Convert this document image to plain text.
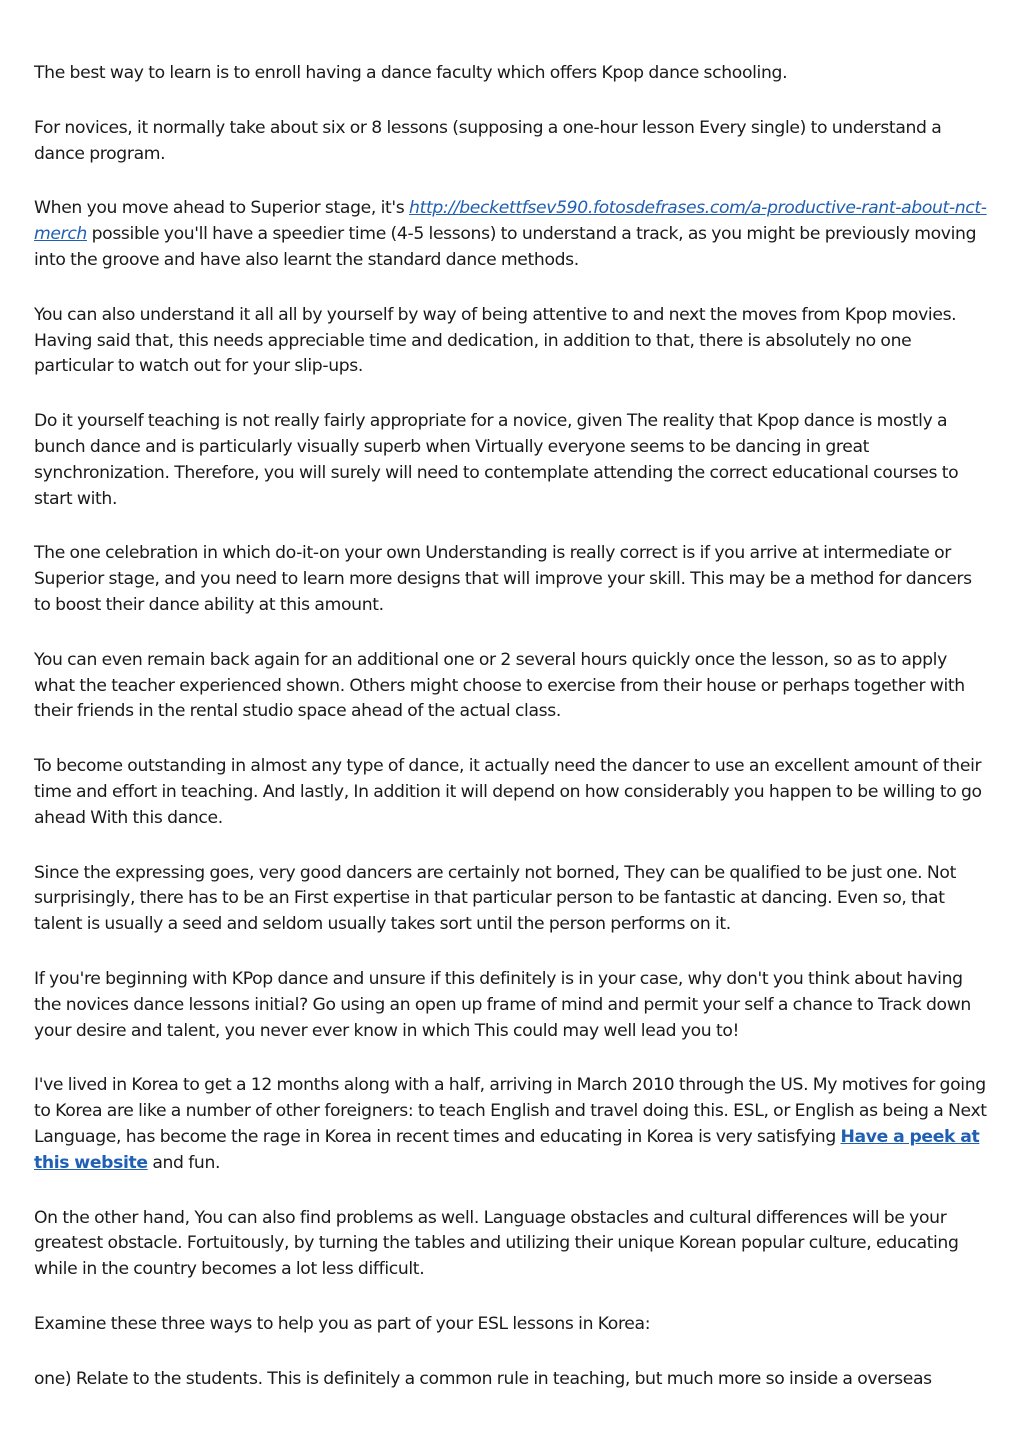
The best way to learn is to enroll having a dance faculty which offers Kpop dance schooling.

For novices, it normally take about six or 8 lessons (supposing a one-hour lesson Every single) to understand a dance program.

When you move ahead to Superior stage, it's http://beckettfsev590.fotosdefrases.com/a-productive-rant-about-nct-merch possible you'll have a speedier time (4-5 lessons) to understand a track, as you might be previously moving into the groove and have also learnt the standard dance methods.

You can also understand it all all by yourself by way of being attentive to and next the moves from Kpop movies. Having said that, this needs appreciable time and dedication, in addition to that, there is absolutely no one particular to watch out for your slip-ups.

Do it yourself teaching is not really fairly appropriate for a novice, given The reality that Kpop dance is mostly a bunch dance and is particularly visually superb when Virtually everyone seems to be dancing in great synchronization. Therefore, you will surely will need to contemplate attending the correct educational courses to start with.

The one celebration in which do-it-on your own Understanding is really correct is if you arrive at intermediate or Superior stage, and you need to learn more designs that will improve your skill. This may be a method for dancers to boost their dance ability at this amount.

You can even remain back again for an additional one or 2 several hours quickly once the lesson, so as to apply what the teacher experienced shown. Others might choose to exercise from their house or perhaps together with their friends in the rental studio space ahead of the actual class.

To become outstanding in almost any type of dance, it actually need the dancer to use an excellent amount of their time and effort in teaching. And lastly, In addition it will depend on how considerably you happen to be willing to go ahead With this dance.

Since the expressing goes, very good dancers are certainly not borned, They can be qualified to be just one. Not surprisingly, there has to be an First expertise in that particular person to be fantastic at dancing. Even so, that talent is usually a seed and seldom usually takes sort until the person performs on it.

If you're beginning with KPop dance and unsure if this definitely is in your case, why don't you think about having the novices dance lessons initial? Go using an open up frame of mind and permit your self a chance to Track down your desire and talent, you never ever know in which This could may well lead you to!

I've lived in Korea to get a 12 months along with a half, arriving in March 2010 through the US. My motives for going to Korea are like a number of other foreigners: to teach English and travel doing this. ESL, or English as being a Next Language, has become the rage in Korea in recent times and educating in Korea is very satisfying Have a peek at this website and fun.

On the other hand, You can also find problems as well. Language obstacles and cultural differences will be your greatest obstacle. Fortuitously, by turning the tables and utilizing their unique Korean popular culture, educating while in the country becomes a lot less difficult.

Examine these three ways to help you as part of your ESL lessons in Korea:

one) Relate to the students. This is definitely a common rule in teaching, but much more so inside a overseas
